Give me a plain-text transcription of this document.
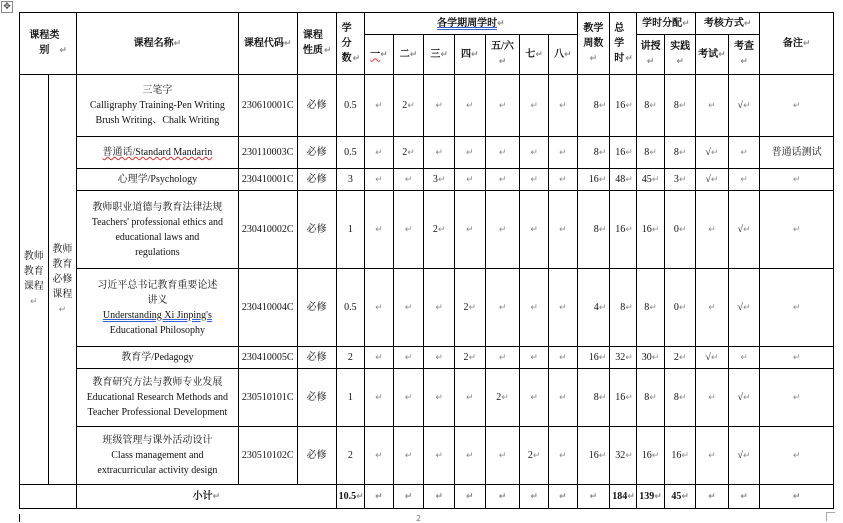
✥
课程类别 ↵		课程名称↵	课程代码↵	课程性质↵	学分数↵	各学期周学时↵							教学周数↵	总学时↵	学时分配↵		考核方式↵		备注↵
						一↵	二↵	三↵	四↵	五/六↵	七↵	八↵			讲授↵	实践↵	考试↵	考查↵	
教师教育课程↵	教师教育必修课程↵	三笔字
Calligraphy Training-Pen Writing
Brush Writing、Chalk Writing	230610001C	必修	0.5	↵	2↵	↵	↵	↵	↵	↵	8↵	16↵	8↵	8↵	↵	√↵	↵

		普通话/Standard Mandarin	230110003C	必修	0.5	↵	2↵	↵	↵	↵	↵	↵	8↵	16↵	8↵	8↵	√↵	↵	普通话测试

		心理学/Psychology	230410001C	必修	3	↵	↵	3↵	↵	↵	↵	↵	16↵	48↵	45↵	3↵	√↵	↵	↵

		教师职业道德与教育法律法规
Teachers' professional ethics and
educational laws and
regulations	230410002C	必修	1	↵	↵	2↵	↵	↵	↵	↵	8↵	16↵	16↵	0↵	↵	√↵	↵

		习近平总书记教育重要论述
讲义
Understanding Xi Jinping's
Educational Philosophy	230410004C	必修	0.5	↵	↵	↵	2↵	↵	↵	↵	4↵	8↵	8↵	0↵	↵	√↵	↵

		教育学/Pedagogy	230410005C	必修	2	↵	↵	↵	2↵	↵	↵	↵	16↵	32↵	30↵	2↵	√↵	↵	↵

		教育研究方法与教师专业发展
Educational Research Methods and
Teacher Professional Development	230510101C	必修	1	↵	↵	↵	↵	2↵	↵	↵	8↵	16↵	8↵	8↵	↵	√↵	↵

		班级管理与课外活动设计
Class management and
extracurricular activity design	230510102C	必修	2	↵	↵	↵	↵	↵	2↵	↵	16↵	32↵	16↵	16↵	↵	√↵	↵
		小计↵			10.5↵	↵	↵	↵	↵	↵	↵	↵	↵	184↵	139↵	45↵	↵	↵	↵
2
